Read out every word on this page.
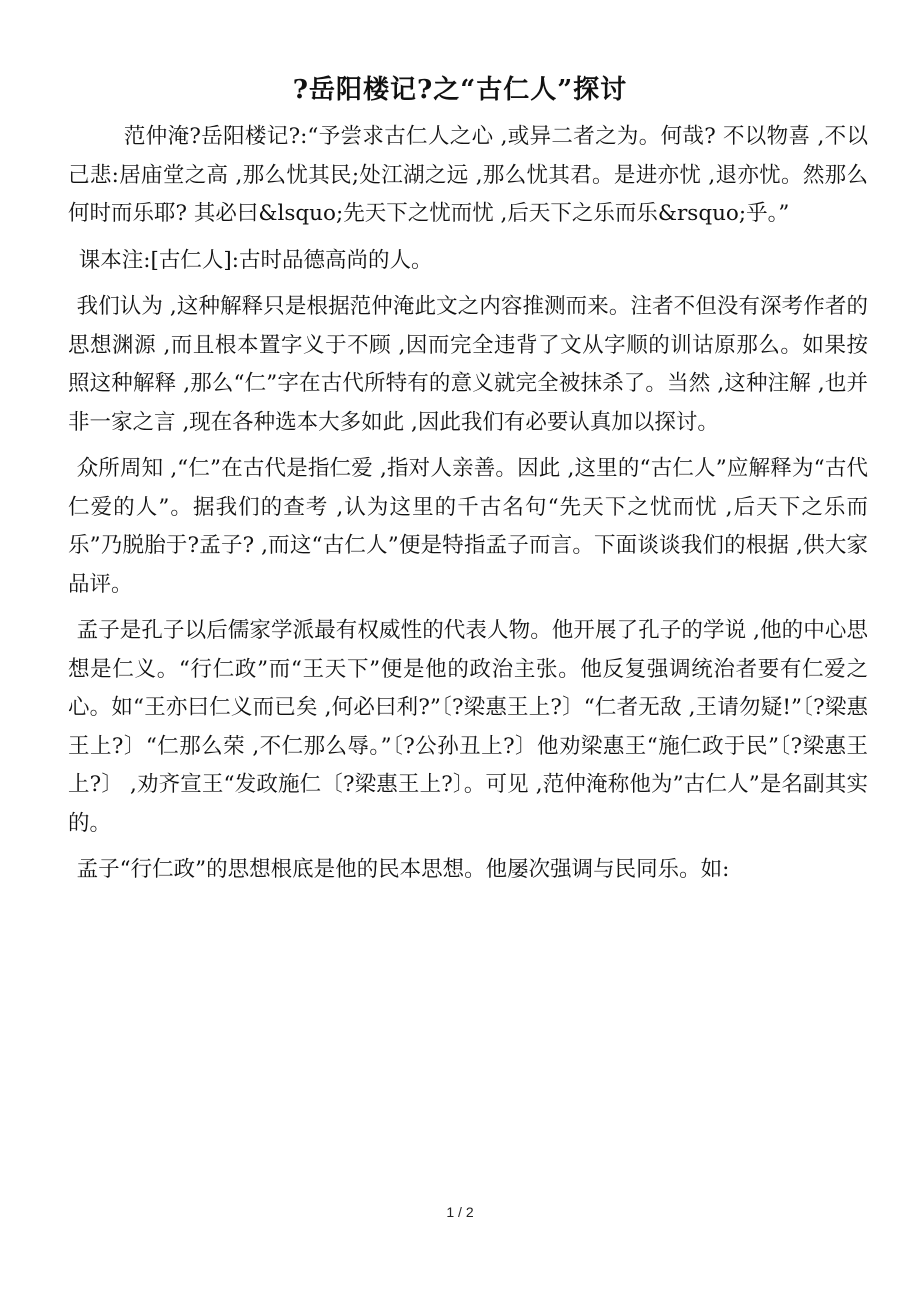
?岳阳楼记?之“古仁人”探讨

范仲淹?岳阳楼记?:“予尝求古仁人之心 ,或异二者之为。何哉? 不以物喜 ,不以己悲:居庙堂之高 ,那么忧其民;处江湖之远 ,那么忧其君。是进亦忧 ,退亦忧。然那么何时而乐耶? 其必曰&lsquo;先天下之忧而忧 ,后天下之乐而乐&rsquo;乎。”

课本注:[古仁人]:古时品德高尚的人。

我们认为 ,这种解释只是根据范仲淹此文之内容推测而来。注者不但没有深考作者的思想渊源 ,而且根本置字义于不顾 ,因而完全违背了文从字顺的训诂原那么。如果按照这种解释 ,那么“仁”字在古代所特有的意义就完全被抹杀了。当然 ,这种注解 ,也并非一家之言 ,现在各种选本大多如此 ,因此我们有必要认真加以探讨。

众所周知 ,“仁”在古代是指仁爱 ,指对人亲善。因此 ,这里的“古仁人”应解释为“古代仁爱的人”。据我们的查考 ,认为这里的千古名句“先天下之忧而忧 ,后天下之乐而乐”乃脱胎于?孟子? ,而这“古仁人”便是特指孟子而言。下面谈谈我们的根据 ,供大家品评。

孟子是孔子以后儒家学派最有权威性的代表人物。他开展了孔子的学说 ,他的中心思想是仁义。“行仁政”而“王天下”便是他的政治主张。他反复强调统治者要有仁爱之心。如“王亦曰仁义而已矣 ,何必曰利?”〔?梁惠王上?〕“仁者无敌 ,王请勿疑!”〔?梁惠王上?〕“仁那么荣 ,不仁那么辱。”〔?公孙丑上?〕他劝梁惠王“施仁政于民”〔?梁惠王上?〕 ,劝齐宣王“发政施仁〔?梁惠王上?〕。可见 ,范仲淹称他为”古仁人”是名副其实的。

孟子“行仁政”的思想根底是他的民本思想。他屡次强调与民同乐。如:

1 / 2
